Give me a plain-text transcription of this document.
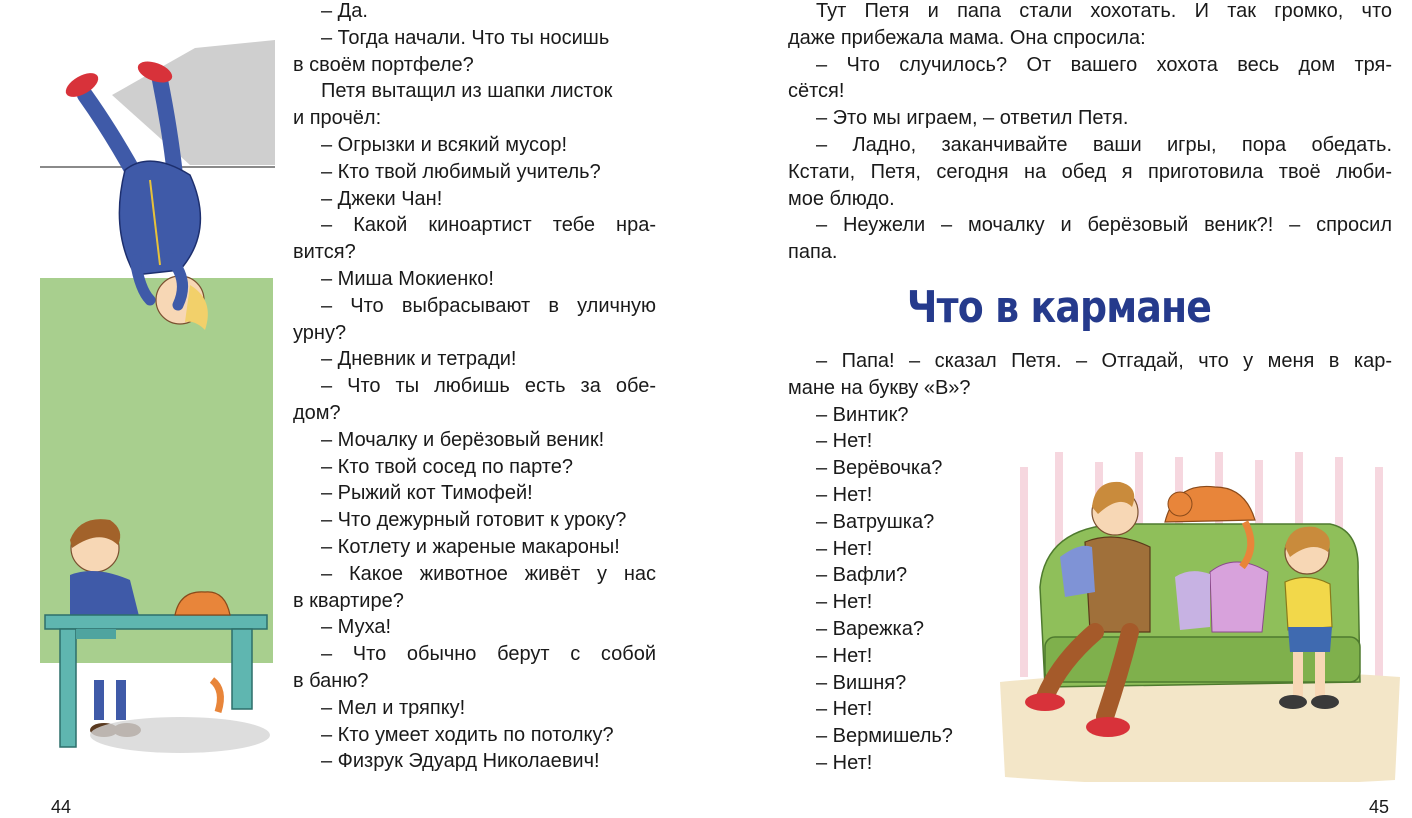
– Да.
– Тогда начали. Что ты носишь
в своём портфеле?
Петя вытащил из шапки листок
и прочёл:
– Огрызки и всякий мусор!
– Кто твой любимый учитель?
– Джеки Чан!
– Какой киноартист тебе нра-
вится?
– Миша Мокиенко!
– Что выбрасывают в уличную
урну?
– Дневник и тетради!
– Что ты любишь есть за обе-
дом?
– Мочалку и берёзовый веник!
– Кто твой сосед по парте?
– Рыжий кот Тимофей!
– Что дежурный готовит к уроку?
– Котлету и жареные макароны!
– Какое животное живёт у нас
в квартире?
– Муха!
– Что обычно берут с собой
в баню?
– Мел и тряпку!
– Кто умеет ходить по потолку?
– Физрук Эдуард Николаевич!
44
Тут Петя и папа стали хохотать. И так громко, что
даже прибежала мама. Она спросила:
– Что случилось? От вашего хохота весь дом тря-
сётся!
– Это мы играем, – ответил Петя.
– Ладно, заканчивайте ваши игры, пора обедать.
Кстати, Петя, сегодня на обед я приготовила твоё люби-
мое блюдо.
– Неужели – мочалку и берёзовый веник?! – спросил
папа.
Что в кармане
– Папа! – сказал Петя. – Отгадай, что у меня в кар-
мане на букву «В»?
– Винтик?
– Нет!
– Верёвочка?
– Нет!
– Ватрушка?
– Нет!
– Вафли?
– Нет!
– Варежка?
– Нет!
– Вишня?
– Нет!
– Вермишель?
– Нет!
45
